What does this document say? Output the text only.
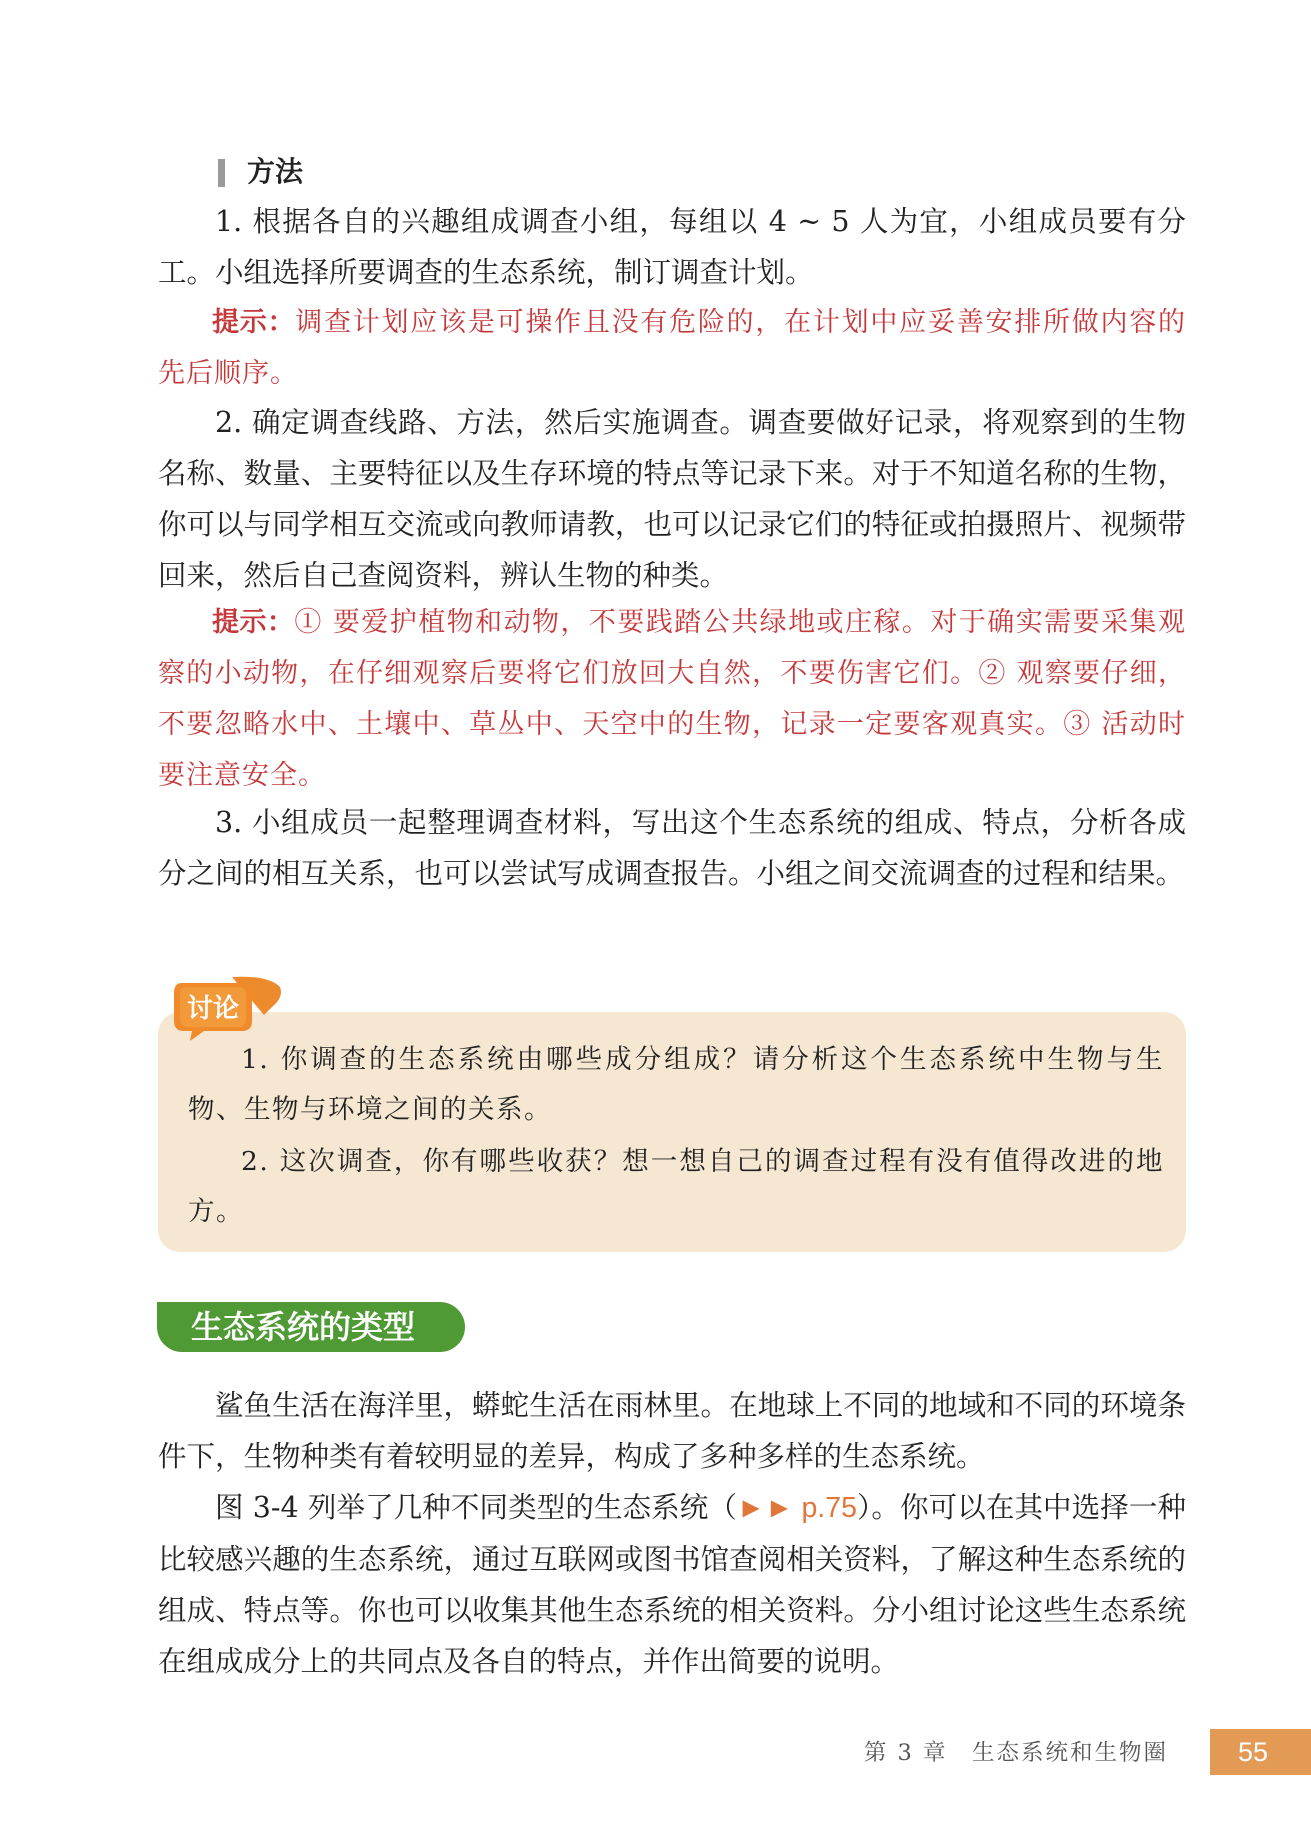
方法

1. 根据各自的兴趣组成调查小组，每组以 4 ~ 5 人为宜，小组成员要有分工。小组选择所要调查的生态系统，制订调查计划。

提示：调查计划应该是可操作且没有危险的，在计划中应妥善安排所做内容的先后顺序。

2. 确定调查线路、方法，然后实施调查。调查要做好记录，将观察到的生物名称、数量、主要特征以及生存环境的特点等记录下来。对于不知道名称的生物，你可以与同学相互交流或向教师请教，也可以记录它们的特征或拍摄照片、视频带回来，然后自己查阅资料，辨认生物的种类。

提示：① 要爱护植物和动物，不要践踏公共绿地或庄稼。对于确实需要采集观察的小动物，在仔细观察后要将它们放回大自然，不要伤害它们。② 观察要仔细，不要忽略水中、土壤中、草丛中、天空中的生物，记录一定要客观真实。③ 活动时要注意安全。

3. 小组成员一起整理调查材料，写出这个生态系统的组成、特点，分析各成分之间的相互关系，也可以尝试写成调查报告。小组之间交流调查的过程和结果。

讨论

1. 你调查的生态系统由哪些成分组成？请分析这个生态系统中生物与生物、生物与环境之间的关系。

2. 这次调查，你有哪些收获？想一想自己的调查过程有没有值得改进的地方。

生态系统的类型

鲨鱼生活在海洋里，蟒蛇生活在雨林里。在地球上不同的地域和不同的环境条件下，生物种类有着较明显的差异，构成了多种多样的生态系统。

图 3-4 列举了几种不同类型的生态系统（►► p.75）。你可以在其中选择一种比较感兴趣的生态系统，通过互联网或图书馆查阅相关资料，了解这种生态系统的组成、特点等。你也可以收集其他生态系统的相关资料。分小组讨论这些生态系统在组成成分上的共同点及各自的特点，并作出简要的说明。

第 3 章　生态系统和生物圈	55
